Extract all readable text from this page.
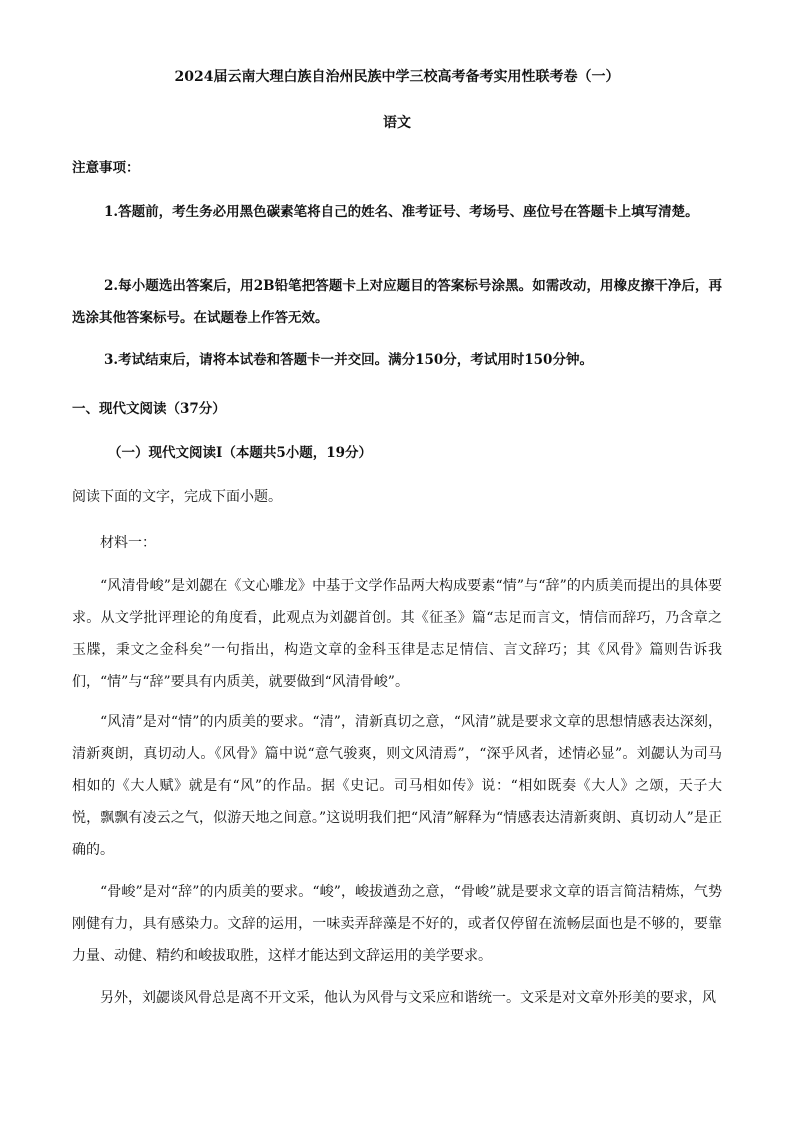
2024届云南大理白族自治州民族中学三校高考备考实用性联考卷（一）
语文
注意事项：
1.答题前，考生务必用黑色碳素笔将自己的姓名、准考证号、考场号、座位号在答题卡上填写清楚。
2.每小题选出答案后，用2B铅笔把答题卡上对应题目的答案标号涂黑。如需改动，用橡皮擦干净后，再选涂其他答案标号。在试题卷上作答无效。
3.考试结束后，请将本试卷和答题卡一并交回。满分150分，考试用时150分钟。
一、现代文阅读（37分）
（一）现代文阅读Ⅰ（本题共5小题，19分）
阅读下面的文字，完成下面小题。
材料一：
“风清骨峻”是刘勰在《文心雕龙》中基于文学作品两大构成要素“情”与“辞”的内质美而提出的具体要求。从文学批评理论的角度看，此观点为刘勰首创。其《征圣》篇“志足而言文，情信而辞巧，乃含章之玉牒，秉文之金科矣”一句指出，构造文章的金科玉律是志足情信、言文辞巧；其《风骨》篇则告诉我们，“情”与“辞”要具有内质美，就要做到“风清骨峻”。
“风清”是对“情”的内质美的要求。“清”，清新真切之意，“风清”就是要求文章的思想情感表达深刻，清新爽朗，真切动人。《风骨》篇中说“意气骏爽，则文风清焉”，“深乎风者，述情必显”。刘勰认为司马相如的《大人赋》就是有“风”的作品。据《史记。司马相如传》说：“相如既奏《大人》之颂，天子大悦，飘飘有凌云之气，似游天地之间意。”这说明我们把“风清”解释为“情感表达清新爽朗、真切动人”是正确的。
“骨峻”是对“辞”的内质美的要求。“峻”，峻拔遒劲之意，“骨峻”就是要求文章的语言简洁精炼，气势刚健有力，具有感染力。文辞的运用，一味卖弄辞藻是不好的，或者仅停留在流畅层面也是不够的，要靠力量、动健、精约和峻拔取胜，这样才能达到文辞运用的美学要求。
另外，刘勰谈风骨总是离不开文采，他认为风骨与文采应和谐统一。文采是对文章外形美的要求，风
